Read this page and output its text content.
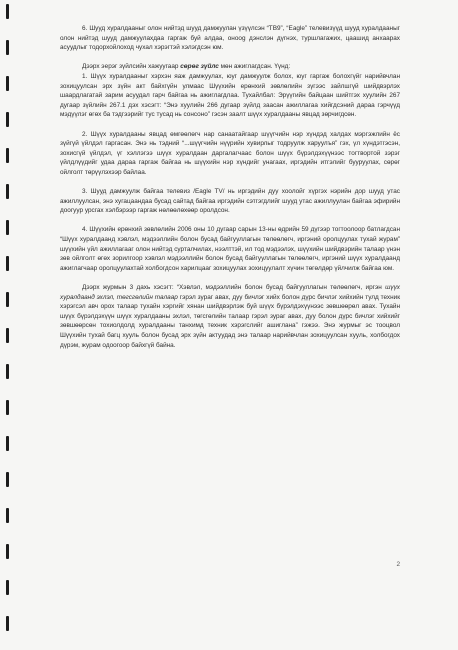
6. Шууд хуралдааныг олон нийтэд шууд дамжуулан үзүүлсэн “ТВ9”, “Eagle” телевизүүд шууд хуралдааныг олон нийтэд шууд дамжуулахдаа гаргаж буй алдаа, онооg дэнслэн дүгнэх, туршлагажих, цаашид анхаарах асуудлыг тодорхойлоход чухал хэрэгтэй хэлэгдсэн юм.

Дээрх эерэг зүйлсийн хажуугаар сөрөг зүйлс мөн ажиглагдсан. Үүнд:

1. Шүүх хуралдааныг хэрхэн яаж дамжуулах, юуг дамжуулж болох, юуг гаргаж болохгүйг нарийвчлан зохицуулсан эрх зүйн акт байхгүйн улмаас Шүүхийн ерөнхий зөвлөлийн зүгээс зайлшгүй шийдвэрлэх шаардлагатай зарим асуудал гарч байгаа нь ажиглагдлаа. Тухайлбал: Эрүүгийн байцаан шийтгэх хуулийн 267 дугаар зүйлийн 267.1 дэх хэсэгт: “Энэ хуулийн 266 дугаар зүйлд заасан ажиллагаа хийгдсэний дараа гэрчүүд мэдүүлэг өгөх ба тэдгээрийг тус тусад нь сонсоно” гэсэн заалт шүүх хуралдааны явцад зөрчигдсөн.

2. Шүүх хуралдааны явцад өмгөөлөгч нар санаатайгаар шүүгчийн нэр хүндэд халдах мэргэжлийн ёс зүйгүй үйлдэл гаргасан. Энэ нь тэдний “...шүүгчийн нүүрийн хувирлыг тодруулж харуулъя” гэх, үл хүндэтгэсэн, зохисгүй үйлдэл, үг хэллэгээ шүүх хуралдаан даргалагчаас болон шүүх бүрэлдэхүүнээс тогтвортой зэрэг үйлдлүүдийг удаа дараа гаргаж байгаа нь шүүхийн нэр хүндийг унагаах, иргэдийн итгэлийг бууруулах, сөрөг ойлголт төрүүлэхээр байлаа.

3. Шууд дамжуулж байгаа телевиз /Eagle TV/ нь иргэдийн дуу хоолойг хүргэх нэрийн дор шууд утас ажиллуулсан, энэ хугацаандаа бусад сайтад байгаа иргэдийн сэтгэгдлийг шууд утас ажиллуулан байгаа эфирийн доогуур урсгах хэлбэрээр гаргаж нөлөөлөхөөр оролдсон.

4. Шүүхийн ерөнхий зөвлөлийн 2006 оны 10 дугаар сарын 13-ны өдрийн 59 дүгээр тогтоолоор батлагдсан “Шүүх хуралдаанд хэвлэл, мэдээллийн болон бусад байгууллагын төлөөлөгч, иргэний оролцуулах тухай журам” шүүхийн үйл ажиллагааг олон нийтэд сурталчилах, нээлттэй, ил тод мэдээлэх, шүүхийн шийдвэрийн талаар үнэн зөв ойлголт өгөх зорилгоор хэвлэл мэдээллийн болон бусад байгууллагын төлөөлөгч, иргэний шүүх хуралдаанд ажиглагчаар оролцуулахтай холбогдсон харилцааг зохицуулах зохицуулалт хүчин төгөлдөр үйлчилж байгаа юм.

Дээрх журмын 3 дахь хэсэгт: “Хэвлэл, мэдээллийн болон бусад байгууллагын төлөөлөгч, иргэн шүүх хуралдаанд эхлэл, төгсгөлийн талаар гэрэл зураг авах, дуу бичлэг хийх болон дүрс бичлэг хийхийн тулд техник хэрэгсэл авч орох талаар тухайн хэргийг хянан шийдвэрлэж буй шүүх бүрэлдэхүүнээс зөвшөөрөл авах. Тухайн шүүх бүрэлдэхүүн шүүх хуралдааны эхлэл, төгсгөлийн талаар гэрэл зураг авах, дуу болон дүрс бичлэг хийхийг зөвшөөрсөн тохиолдолд хуралдааны танхимд техник хэрэгслийг ашиглана” гэжээ. Энэ журмыг эс тооцвол Шүүхийн тухай багц хууль болон бусад эрх зүйн актуудад энэ талаар нарийвчлан зохицуулсан хууль, холбогдох дүрэм, журам одоогоор байхгүй байна.

2
